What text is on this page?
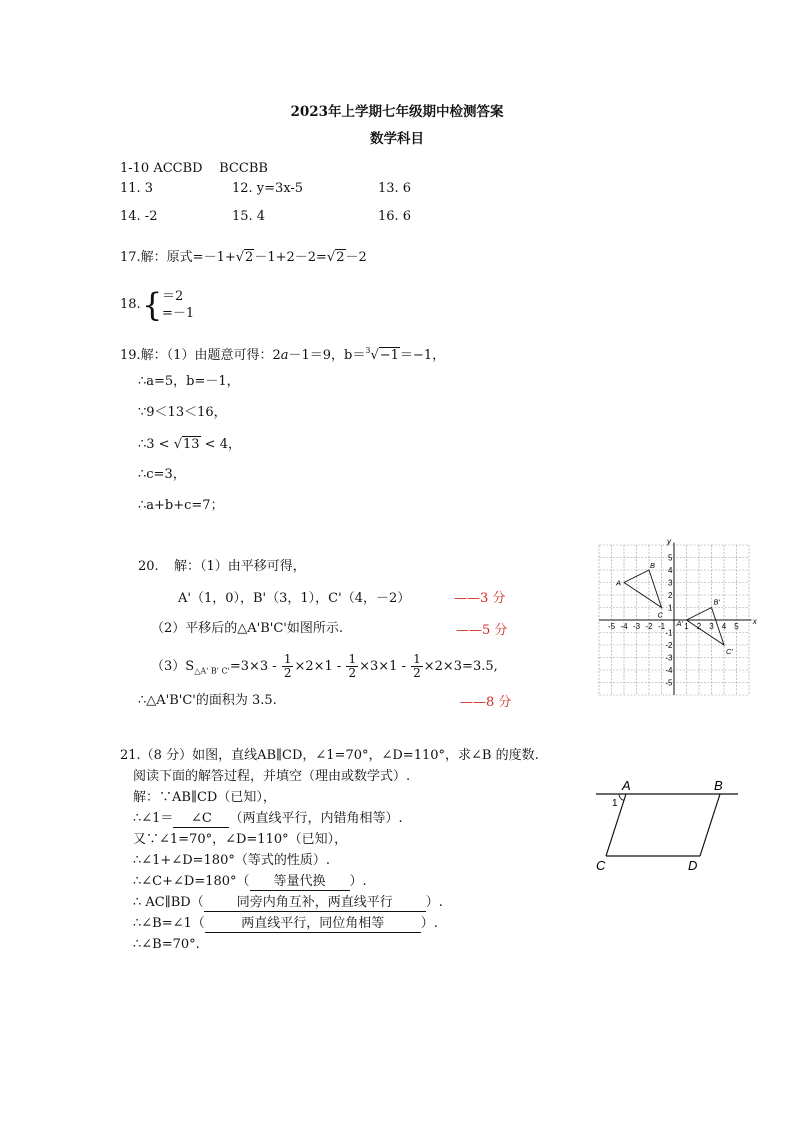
2023年上学期七年级期中检测答案
数学科目
1-10 ACCBD    BCCBB
11. 3	12. y=3x-5	13. 6
14. -2	15. 4	16. 6
17.解：原式=－1+√2－1+2－2=√2－2
18. { ＝2
=－1
19.解：（1）由题意可得：2a－1＝9，b＝$^3$√−1＝−1，
∴a=5，b=－1，
∵9＜13＜16，
∴3 < √13 < 4，
∴c=3，
∴a+b+c=7；
20. 解：（1）由平移可得，
A'（1，0），B'（3，1），C'（4，－2）	——3 分
（2）平移后的△A'B'C'如图所示.	——5 分
$(3)S_{\triangle A' B' C'}=3\times 3 - \frac{1}{2} \times 2\times 1 - \frac{1}{2} \times 3\times 1 - \frac{1}{2} \times 2\times 3=3.5$,
∴△A'B'C'的面积为 3.5.	——8 分
x
y
-5 -4 -3 -2 -1 1 2 3 4 5
5
4
3
2
1
-1
-2
-3
-4
-5
A
B
C
A'
B'
C'
21.（8 分）如图，直线AB∥CD，∠1=70°，∠D=110°，求∠B 的度数.
阅读下面的解答过程，并填空（理由或数学式）.
解：∵AB∥CD（已知），
∴∠1＝ ∠C （两直线平行，内错角相等）.
又∵∠1=70°，∠D=110°（已知），
∴∠1+∠D=180°（等式的性质）.
∴∠C+∠D=180°（ 等量代换 ）.
∴ AC∥BD（	同旁内角互补，两直线平行	）.
∴∠B=∠1（	两直线平行，同位角相等	）.
∴∠B=70°.
A	B
C	D
1
